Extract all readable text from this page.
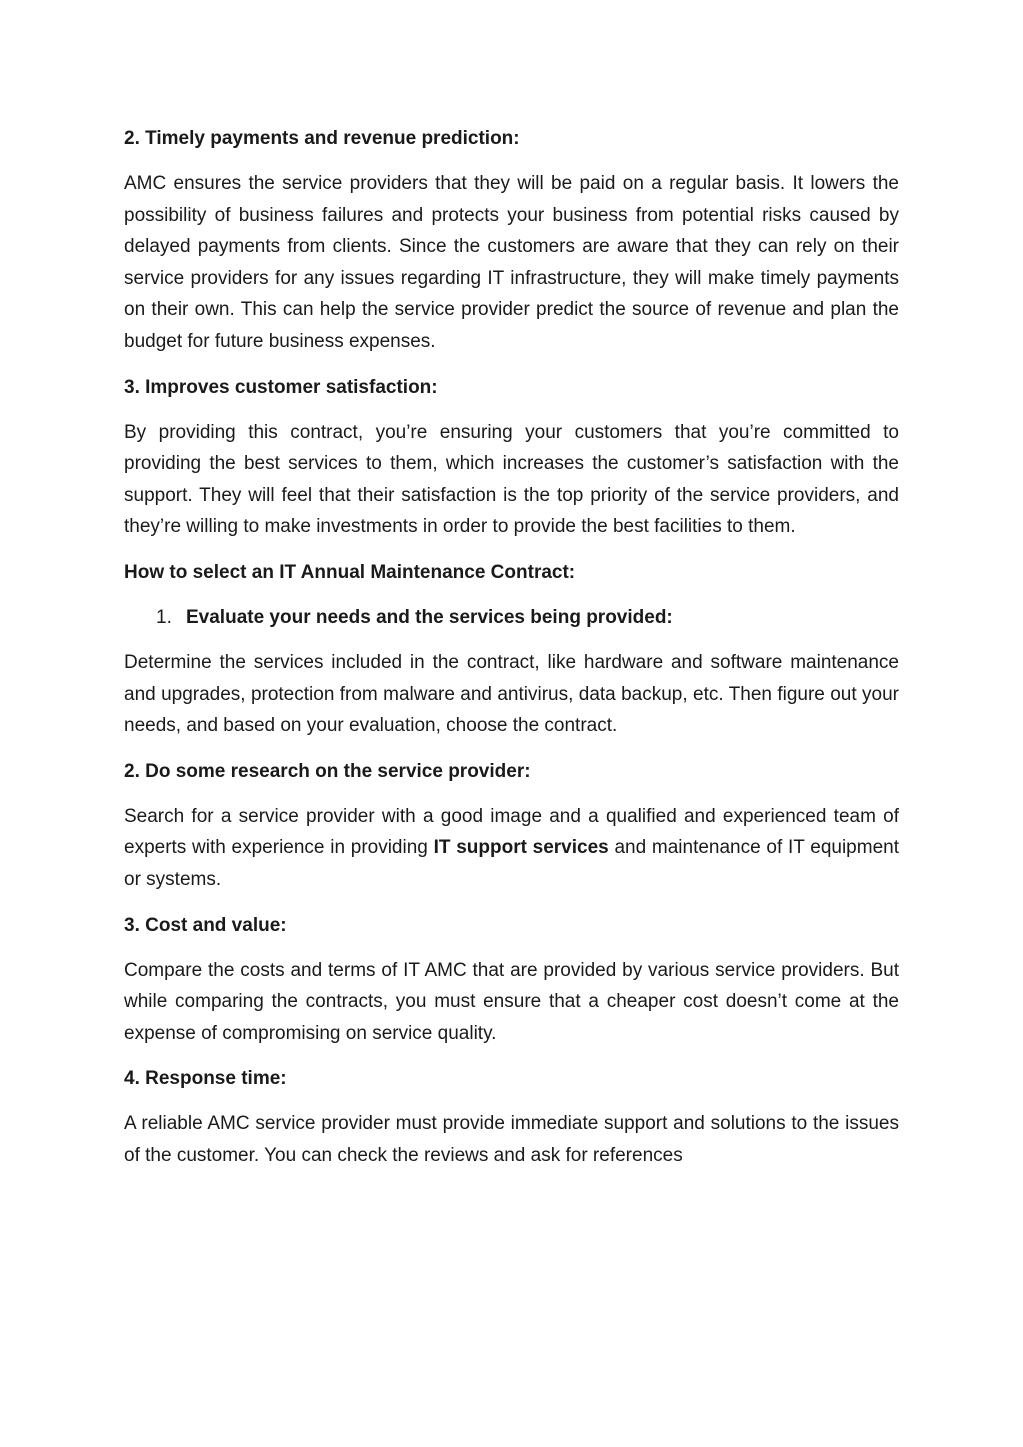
2. Timely payments and revenue prediction:

AMC ensures the service providers that they will be paid on a regular basis. It lowers the possibility of business failures and protects your business from potential risks caused by delayed payments from clients. Since the customers are aware that they can rely on their service providers for any issues regarding IT infrastructure, they will make timely payments on their own. This can help the service provider predict the source of revenue and plan the budget for future business expenses.

3. Improves customer satisfaction:

By providing this contract, you’re ensuring your customers that you’re committed to providing the best services to them, which increases the customer’s satisfaction with the support. They will feel that their satisfaction is the top priority of the service providers, and they’re willing to make investments in order to provide the best facilities to them.

How to select an IT Annual Maintenance Contract:
1. Evaluate your needs and the services being provided:

Determine the services included in the contract, like hardware and software maintenance and upgrades, protection from malware and antivirus, data backup, etc. Then figure out your needs, and based on your evaluation, choose the contract.

2. Do some research on the service provider:

Search for a service provider with a good image and a qualified and experienced team of experts with experience in providing IT support services and maintenance of IT equipment or systems.

3. Cost and value:

Compare the costs and terms of IT AMC that are provided by various service providers. But while comparing the contracts, you must ensure that a cheaper cost doesn’t come at the expense of compromising on service quality.

4. Response time:

A reliable AMC service provider must provide immediate support and solutions to the issues of the customer. You can check the reviews and ask for references
